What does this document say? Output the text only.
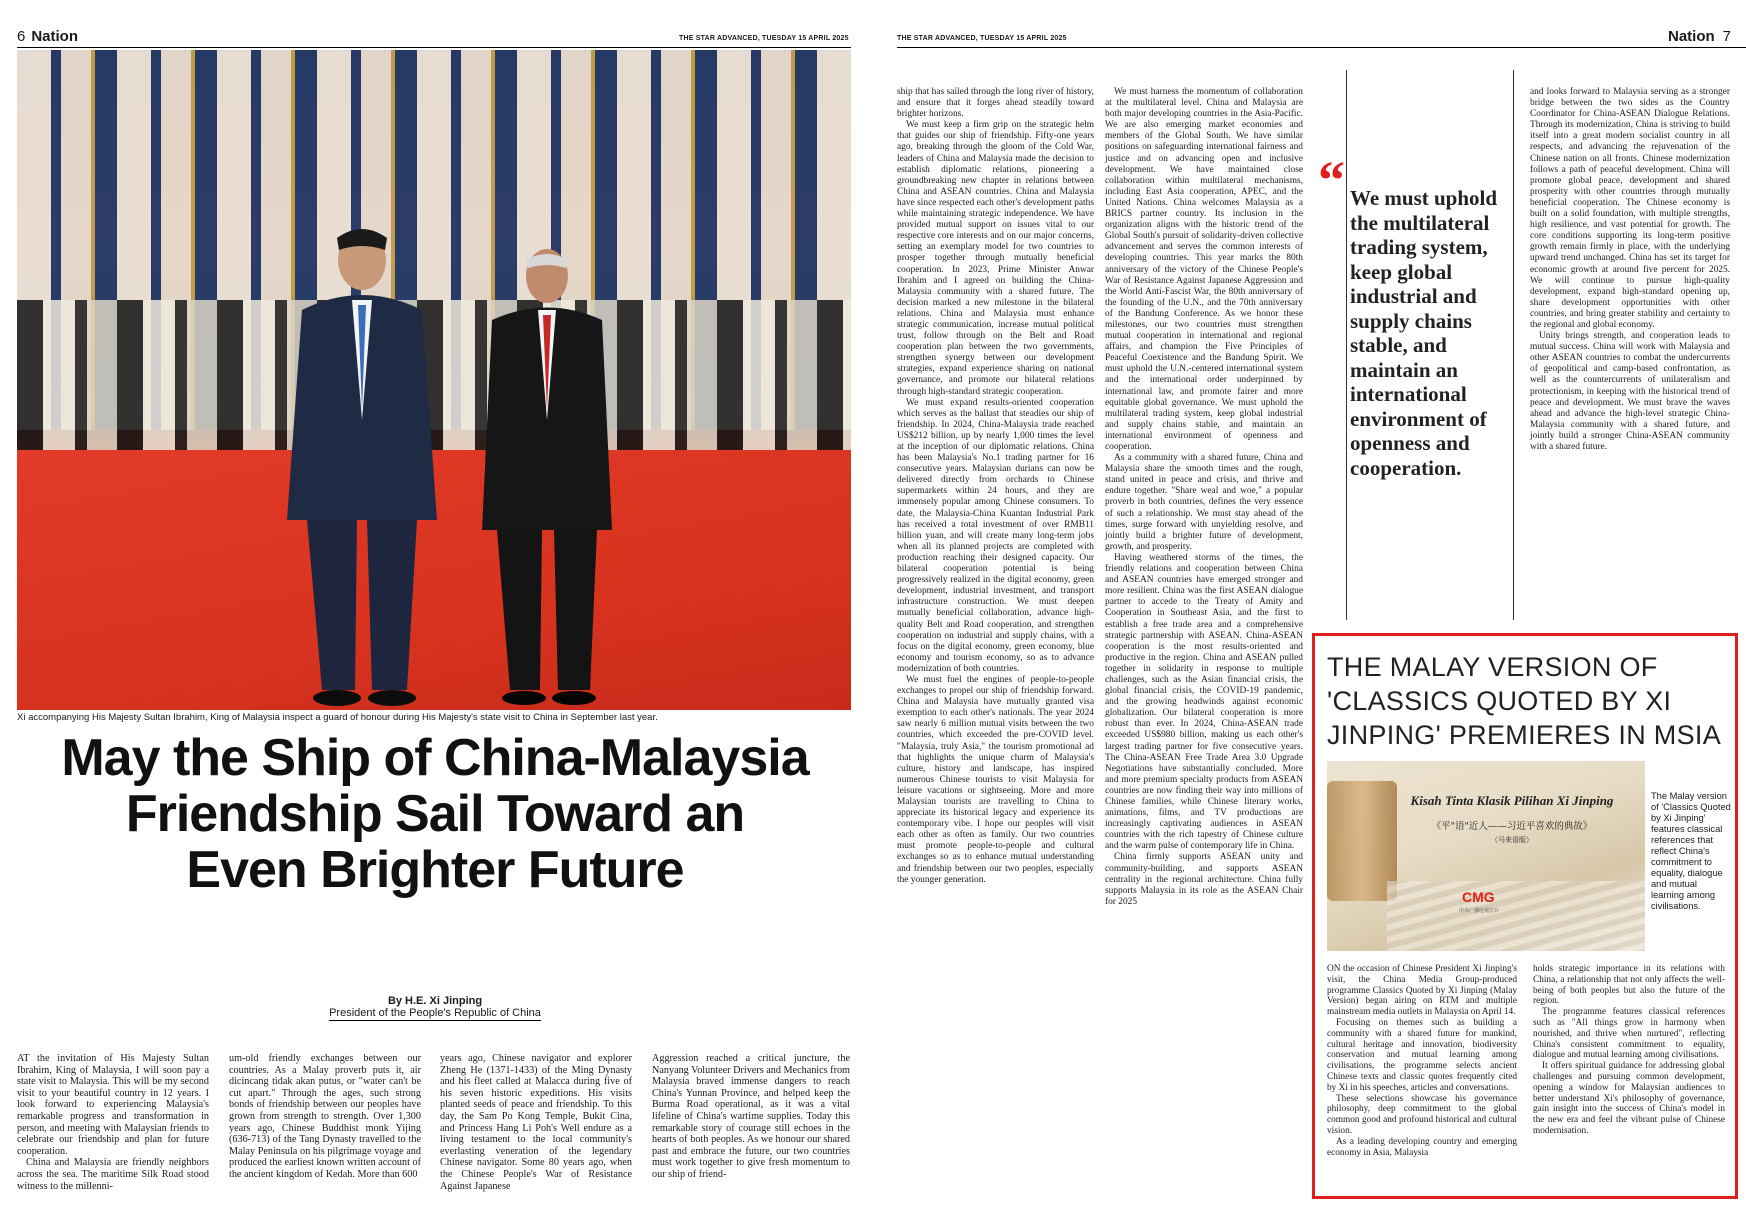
6 Nation	THE STAR ADVANCED, TUESDAY 15 APRIL 2025
Xi accompanying His Majesty Sultan Ibrahim, King of Malaysia inspect a guard of honour during His Majesty's state visit to China in September last year.
May the Ship of China-Malaysia Friendship Sail Toward an Even Brighter Future
By H.E. Xi Jinping
President of the People's Republic of China

AT the invitation of His Majesty Sultan Ibrahim, King of Malaysia, I will soon pay a state visit to Malaysia. This will be my second visit to your beautiful country in 12 years. I look forward to experiencing Malaysia's remarkable progress and transformation in person, and meeting with Malaysian friends to celebrate our friendship and plan for future cooperation.

China and Malaysia are friendly neighbors across the sea. The maritime Silk Road stood witness to the millenni-

um-old friendly exchanges between our countries. As a Malay proverb puts it, air dicincang tidak akan putus, or "water can't be cut apart." Through the ages, such strong bonds of friendship between our peoples have grown from strength to strength. Over 1,300 years ago, Chinese Buddhist monk Yijing (636-713) of the Tang Dynasty travelled to the Malay Peninsula on his pilgrimage voyage and produced the earliest known written account of the ancient kingdom of Kedah. More than 600

years ago, Chinese navigator and explorer Zheng He (1371-1433) of the Ming Dynasty and his fleet called at Malacca during five of his seven historic expeditions. His visits planted seeds of peace and friendship. To this day, the Sam Po Kong Temple, Bukit Cina, and Princess Hang Li Poh's Well endure as a living testament to the local community's everlasting veneration of the legendary Chinese navigator. Some 80 years ago, when the Chinese People's War of Resistance Against Japanese

Aggression reached a critical juncture, the Nanyang Volunteer Drivers and Mechanics from Malaysia braved immense dangers to reach China's Yunnan Province, and helped keep the Burma Road operational, as it was a vital lifeline of China's wartime supplies. Today this remarkable story of courage still echoes in the hearts of both peoples. As we honour our shared past and embrace the future, our two countries must work together to give fresh momentum to our ship of friend-

THE STAR ADVANCED, TUESDAY 15 APRIL 2025	Nation 7

ship that has sailed through the long river of history, and ensure that it forges ahead steadily toward brighter horizons.

We must keep a firm grip on the strategic helm that guides our ship of friendship. Fifty-one years ago, breaking through the gloom of the Cold War, leaders of China and Malaysia made the decision to establish diplomatic relations, pioneering a groundbreaking new chapter in relations between China and ASEAN countries. China and Malaysia have since respected each other's development paths while maintaining strategic independence. We have provided mutual support on issues vital to our respective core interests and on our major concerns, setting an exemplary model for two countries to prosper together through mutually beneficial cooperation. In 2023, Prime Minister Anwar Ibrahim and I agreed on building the China-Malaysia community with a shared future. The decision marked a new milestone in the bilateral relations. China and Malaysia must enhance strategic communication, increase mutual political trust, follow through on the Belt and Road cooperation plan between the two governments, strengthen synergy between our development strategies, expand experience sharing on national governance, and promote our bilateral relations through high-standard strategic cooperation.

We must expand results-oriented cooperation which serves as the ballast that steadies our ship of friendship. In 2024, China-Malaysia trade reached US$212 billion, up by nearly 1,000 times the level at the inception of our diplomatic relations. China has been Malaysia's No.1 trading partner for 16 consecutive years. Malaysian durians can now be delivered directly from orchards to Chinese supermarkets within 24 hours, and they are immensely popular among Chinese consumers. To date, the Malaysia-China Kuantan Industrial Park has received a total investment of over RMB11 billion yuan, and will create many long-term jobs when all its planned projects are completed with production reaching their designed capacity. Our bilateral cooperation potential is being progressively realized in the digital economy, green development, industrial investment, and transport infrastructure construction. We must deepen mutually beneficial collaboration, advance high-quality Belt and Road cooperation, and strengthen cooperation on industrial and supply chains, with a focus on the digital economy, green economy, blue economy and tourism economy, so as to advance modernization of both countries.

We must fuel the engines of people-to-people exchanges to propel our ship of friendship forward. China and Malaysia have mutually granted visa exemption to each other's nationals. The year 2024 saw nearly 6 million mutual visits between the two countries, which exceeded the pre-COVID level. "Malaysia, truly Asia," the tourism promotional ad that highlights the unique charm of Malaysia's culture, history and landscape, has inspired numerous Chinese tourists to visit Malaysia for leisure vacations or sightseeing. More and more Malaysian tourists are travelling to China to appreciate its historical legacy and experience its contemporary vibe. I hope our peoples will visit each other as often as family. Our two countries must promote people-to-people and cultural exchanges so as to enhance mutual understanding and friendship between our two peoples, especially the younger generation.

We must harness the momentum of collaboration at the multilateral level. China and Malaysia are both major developing countries in the Asia-Pacific. We are also emerging market economies and members of the Global South. We have similar positions on safeguarding international fairness and justice and on advancing open and inclusive development. We have maintained close collaboration within multilateral mechanisms, including East Asia cooperation, APEC, and the United Nations. China welcomes Malaysia as a BRICS partner country. Its inclusion in the organization aligns with the historic trend of the Global South's pursuit of solidarity-driven collective advancement and serves the common interests of developing countries. This year marks the 80th anniversary of the victory of the Chinese People's War of Resistance Against Japanese Aggression and the World Anti-Fascist War, the 80th anniversary of the founding of the U.N., and the 70th anniversary of the Bandung Conference. As we honor these milestones, our two countries must strengthen mutual cooperation in international and regional affairs, and champion the Five Principles of Peaceful Coexistence and the Bandung Spirit. We must uphold the U.N.-centered international system and the international order underpinned by international law, and promote fairer and more equitable global governance. We must uphold the multilateral trading system, keep global industrial and supply chains stable, and maintain an international environment of openness and cooperation.

As a community with a shared future, China and Malaysia share the smooth times and the rough, stand united in peace and crisis, and thrive and endure together. "Share weal and woe," a popular proverb in both countries, defines the very essence of such a relationship. We must stay ahead of the times, surge forward with unyielding resolve, and jointly build a brighter future of development, growth, and prosperity.

Having weathered storms of the times, the friendly relations and cooperation between China and ASEAN countries have emerged stronger and more resilient. China was the first ASEAN dialogue partner to accede to the Treaty of Amity and Cooperation in Southeast Asia, and the first to establish a free trade area and a comprehensive strategic partnership with ASEAN. China-ASEAN cooperation is the most results-oriented and productive in the region. China and ASEAN pulled together in solidarity in response to multiple challenges, such as the Asian financial crisis, the global financial crisis, the COVID-19 pandemic, and the growing headwinds against economic globalization. Our bilateral cooperation is more robust than ever. In 2024, China-ASEAN trade exceeded US$980 billion, making us each other's largest trading partner for five consecutive years. The China-ASEAN Free Trade Area 3.0 Upgrade Negotiations have substantially concluded. More and more premium specialty products from ASEAN countries are now finding their way into millions of Chinese families, while Chinese literary works, animations, films, and TV productions are increasingly captivating audiences in ASEAN countries with the rich tapestry of Chinese culture and the warm pulse of contemporary life in China.

China firmly supports ASEAN unity and community-building, and supports ASEAN centrality in the regional architecture. China fully supports Malaysia in its role as the ASEAN Chair for 2025

“ We must uphold the multilateral trading system, keep global industrial and supply chains stable, and maintain an international environment of openness and cooperation.

and looks forward to Malaysia serving as a stronger bridge between the two sides as the Country Coordinator for China-ASEAN Dialogue Relations. Through its modernization, China is striving to build itself into a great modern socialist country in all respects, and advancing the rejuvenation of the Chinese nation on all fronts. Chinese modernization follows a path of peaceful development. China will promote global peace, development and shared prosperity with other countries through mutually beneficial cooperation. The Chinese economy is built on a solid foundation, with multiple strengths, high resilience, and vast potential for growth. The core conditions supporting its long-term positive growth remain firmly in place, with the underlying upward trend unchanged. China has set its target for economic growth at around five percent for 2025. We will continue to pursue high-quality development, expand high-standard opening up, share development opportunities with other countries, and bring greater stability and certainty to the regional and global economy.

Unity brings strength, and cooperation leads to mutual success. China will work with Malaysia and other ASEAN countries to combat the undercurrents of geopolitical and camp-based confrontation, as well as the countercurrents of unilateralism and protectionism, in keeping with the historical trend of peace and development. We must brave the waves ahead and advance the high-level strategic China-Malaysia community with a shared future, and jointly build a stronger China-ASEAN community with a shared future.

THE MALAY VERSION OF 'CLASSICS QUOTED BY XI JINPING' PREMIERES IN MSIA
Kisah Tinta Klasik Pilihan Xi Jinping
《平"语"近人——习近平喜欢的典故》
（马来语版）
CMG
中央广播电视总台
The Malay version of 'Classics Quoted by Xi Jinping' features classical references that reflect China's commitment to equality, dialogue and mutual learning among civilisations.

ON the occasion of Chinese President Xi Jinping's visit, the China Media Group-produced programme Classics Quoted by Xi Jinping (Malay Version) began airing on RTM and multiple mainstream media outlets in Malaysia on April 14.

Focusing on themes such as building a community with a shared future for mankind, cultural heritage and innovation, biodiversity conservation and mutual learning among civilisations, the programme selects ancient Chinese texts and classic quotes frequently cited by Xi in his speeches, articles and conversations.

These selections showcase his governance philosophy, deep commitment to the global common good and profound historical and cultural vision.

As a leading developing country and emerging economy in Asia, Malaysia

holds strategic importance in its relations with China, a relationship that not only affects the well-being of both peoples but also the future of the region.

The programme features classical references such as "All things grow in harmony when nourished, and thrive when nurtured", reflecting China's consistent commitment to equality, dialogue and mutual learning among civilisations.

It offers spiritual guidance for addressing global challenges and pursuing common development, opening a window for Malaysian audiences to better understand Xi's philosophy of governance, gain insight into the success of China's model in the new era and feel the vibrant pulse of Chinese modernisation.
